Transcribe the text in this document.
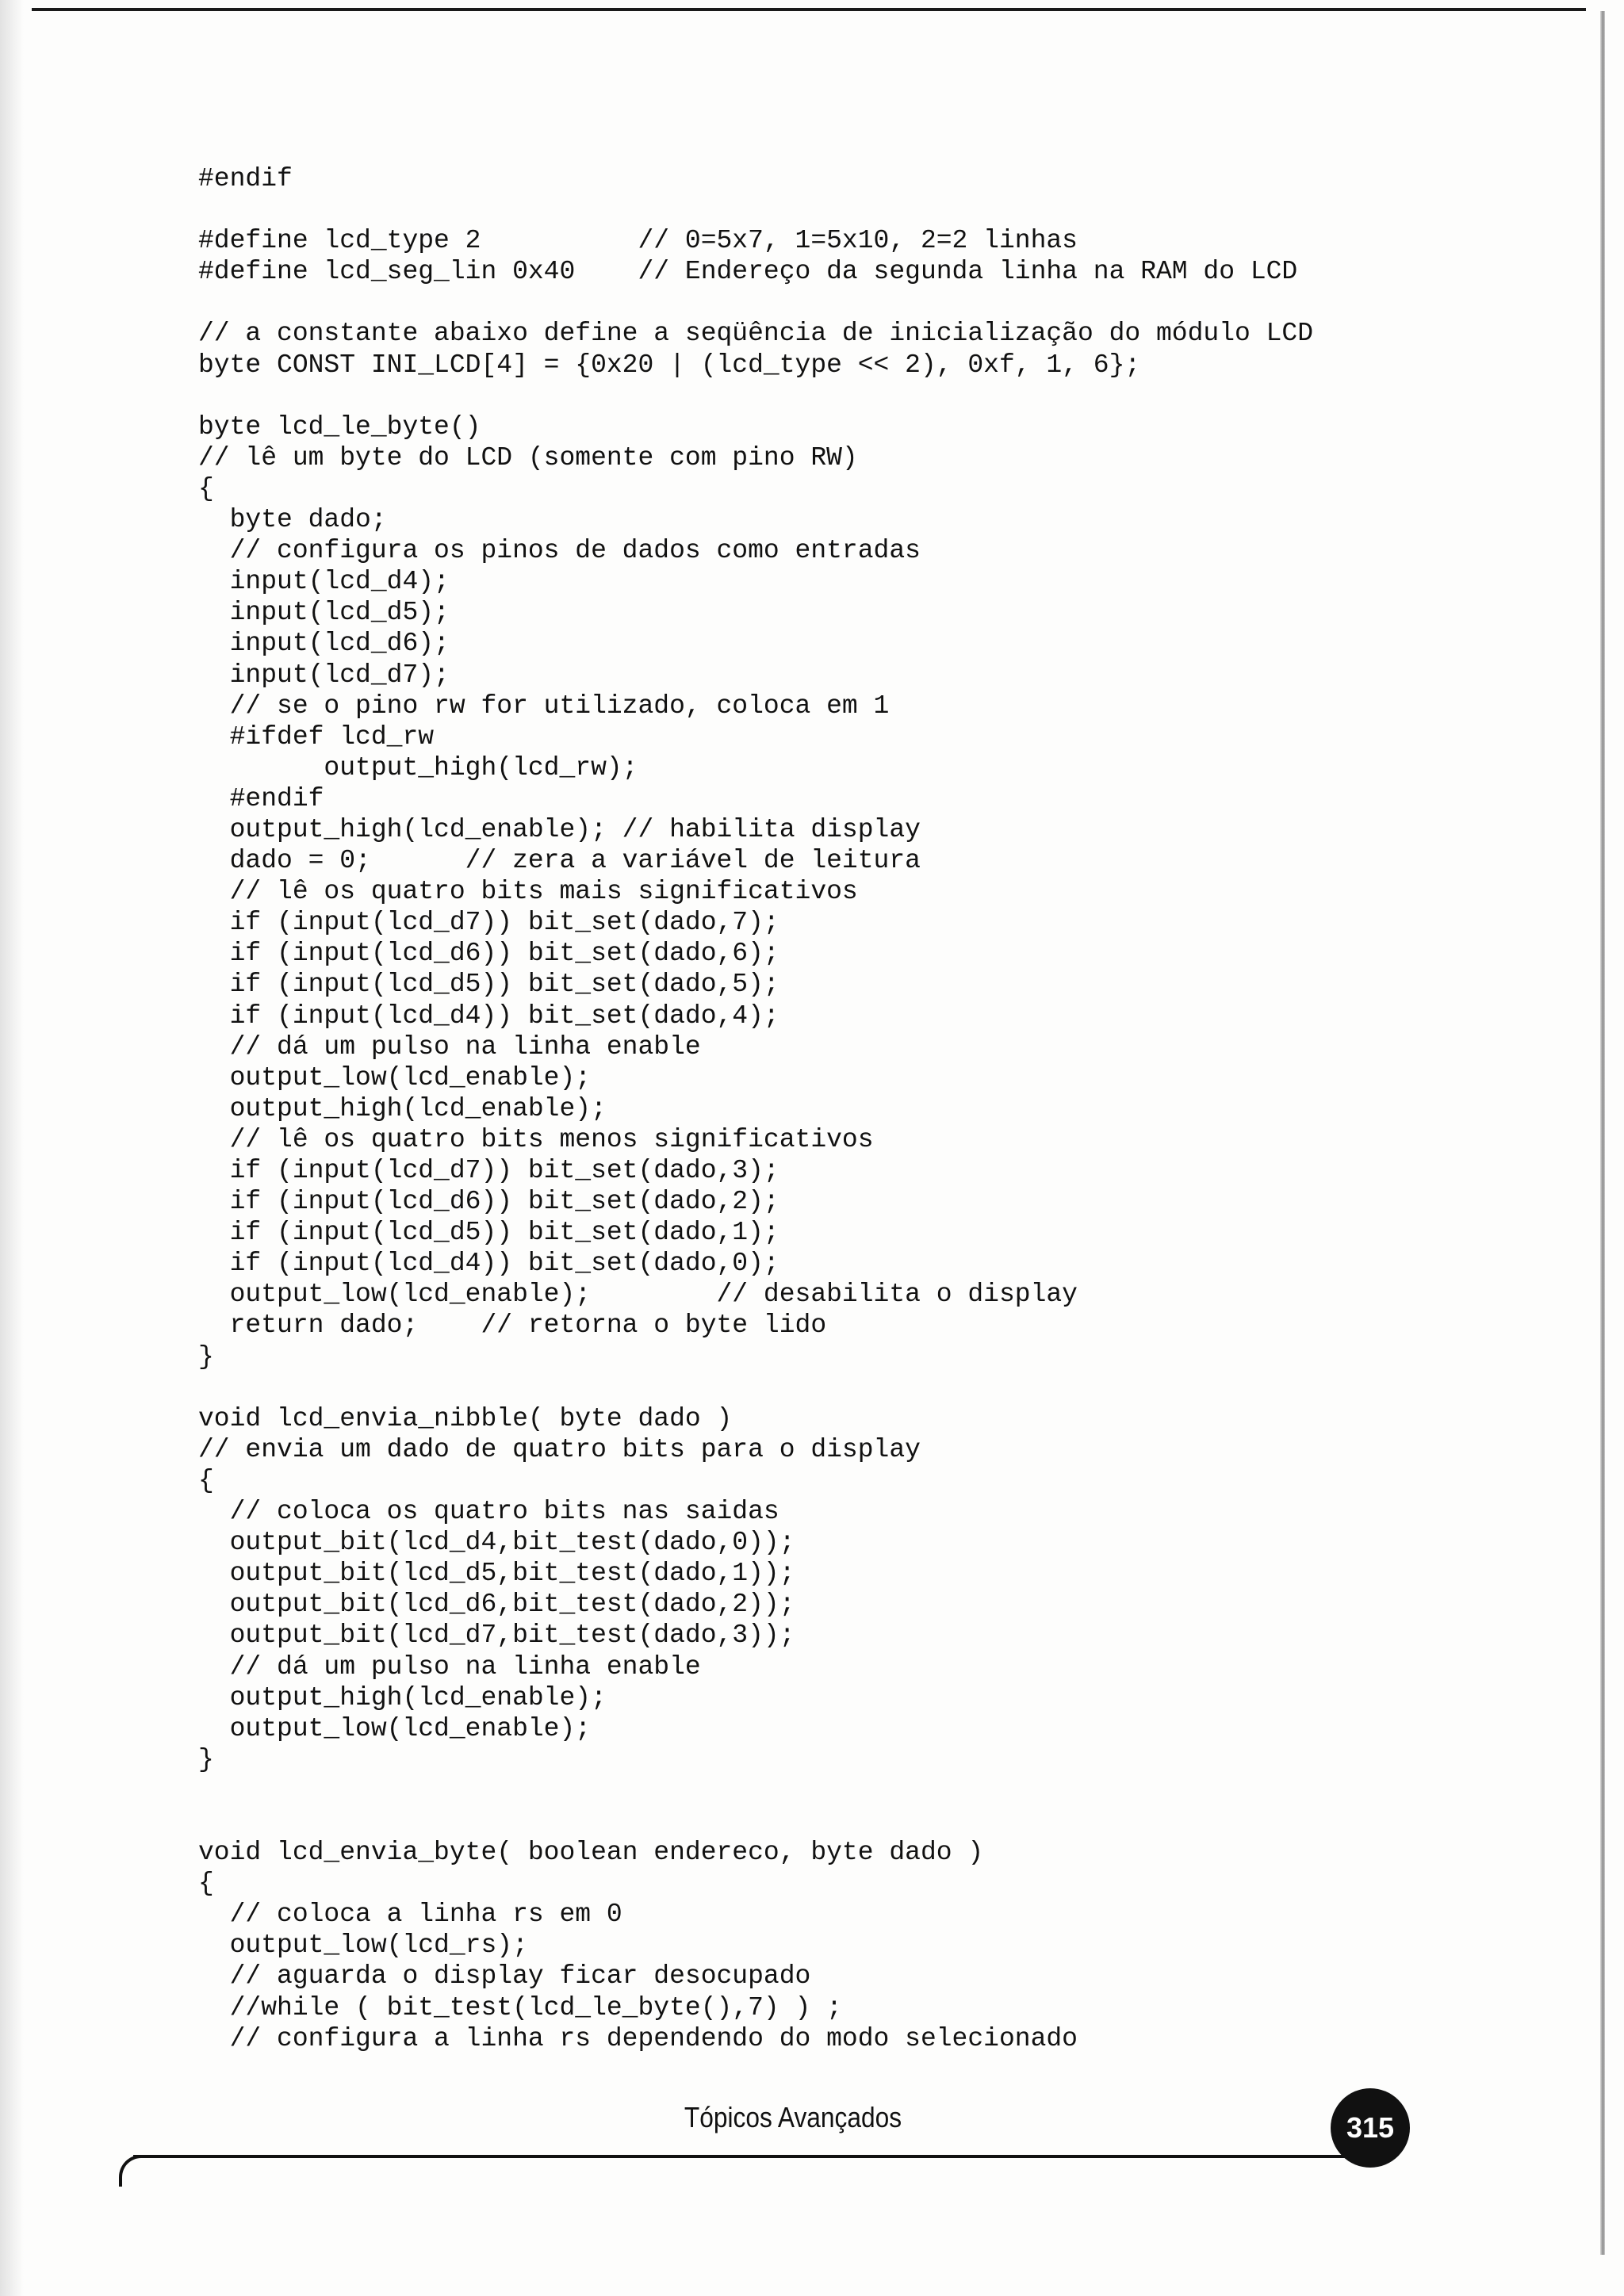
#endif
#define lcd_type 2          // 0=5x7, 1=5x10, 2=2 linhas
#define lcd_seg_lin 0x40    // Endereço da segunda linha na RAM do LCD
// a constante abaixo define a seqüência de inicialização do módulo LCD
byte CONST INI_LCD[4] = {0x20 | (lcd_type << 2), 0xf, 1, 6};
byte lcd_le_byte()
// lê um byte do LCD (somente com pino RW)
{
byte dado;
// configura os pinos de dados como entradas
input(lcd_d4);
input(lcd_d5);
input(lcd_d6);
input(lcd_d7);
// se o pino rw for utilizado, coloca em 1
#ifdef lcd_rw
output_high(lcd_rw);
#endif
output_high(lcd_enable); // habilita display
dado = 0;      // zera a variável de leitura
// lê os quatro bits mais significativos
if (input(lcd_d7)) bit_set(dado,7);
if (input(lcd_d6)) bit_set(dado,6);
if (input(lcd_d5)) bit_set(dado,5);
if (input(lcd_d4)) bit_set(dado,4);
// dá um pulso na linha enable
output_low(lcd_enable);
output_high(lcd_enable);
// lê os quatro bits menos significativos
if (input(lcd_d7)) bit_set(dado,3);
if (input(lcd_d6)) bit_set(dado,2);
if (input(lcd_d5)) bit_set(dado,1);
if (input(lcd_d4)) bit_set(dado,0);
output_low(lcd_enable);        // desabilita o display
return dado;    // retorna o byte lido
}
void lcd_envia_nibble( byte dado )
// envia um dado de quatro bits para o display
{
// coloca os quatro bits nas saidas
output_bit(lcd_d4,bit_test(dado,0));
output_bit(lcd_d5,bit_test(dado,1));
output_bit(lcd_d6,bit_test(dado,2));
output_bit(lcd_d7,bit_test(dado,3));
// dá um pulso na linha enable
output_high(lcd_enable);
output_low(lcd_enable);
}
void lcd_envia_byte( boolean endereco, byte dado )
{
// coloca a linha rs em 0
output_low(lcd_rs);
// aguarda o display ficar desocupado
//while ( bit_test(lcd_le_byte(),7) ) ;
// configura a linha rs dependendo do modo selecionado
Tópicos Avançados	315
